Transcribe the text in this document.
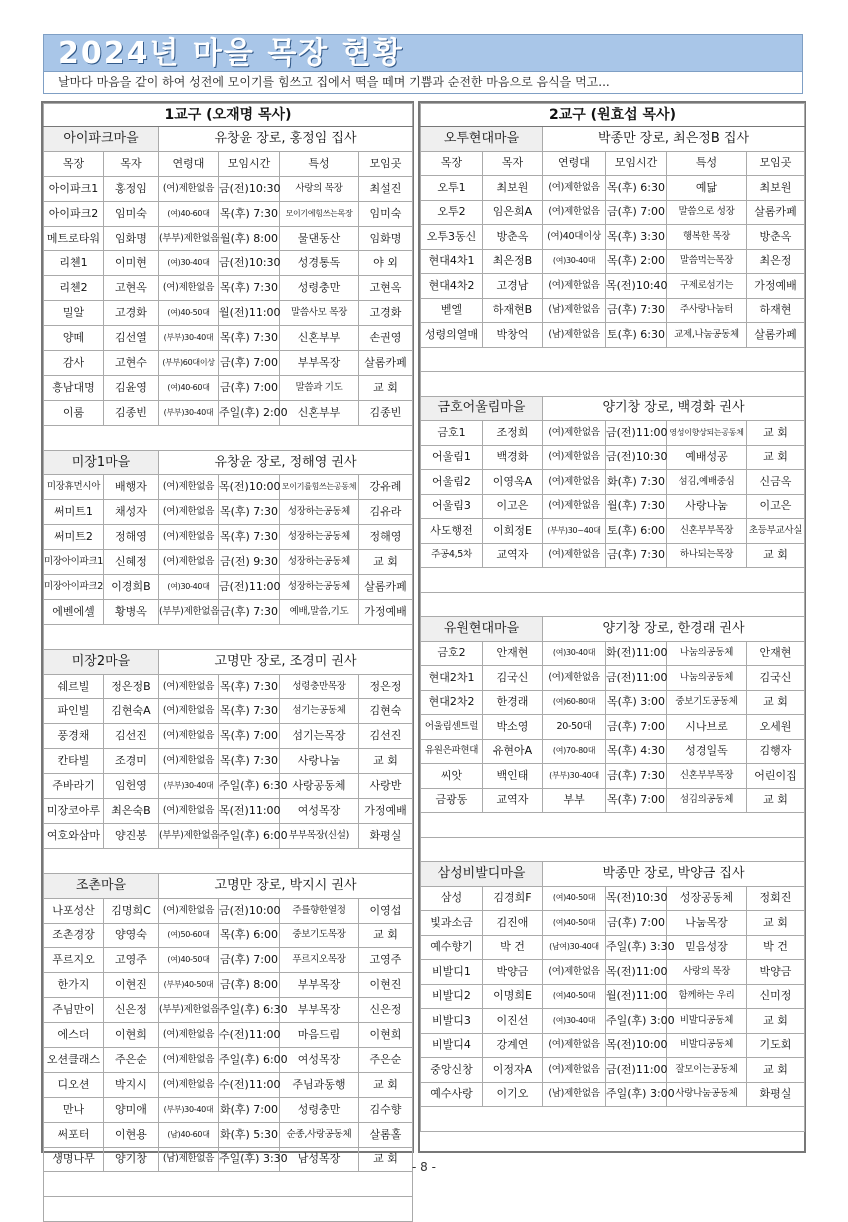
2024년 마을 목장 현황
날마다 마음을 같이 하여 성전에 모이기를 힘쓰고 집에서 떡을 떼며 기쁨과 순전한 마음으로 음식을 먹고...
1교구 (오재명 목사)					
아이파크마을		유창윤 장로, 홍정임 집사			
목장	목자	연령대	모임시간	특성	모임곳
아이파크1	홍정임	(여)제한없음	금(전)10:30	사랑의 목장	최설진
아이파크2	임미숙	(여)40-60대	목(후) 7:30	모이기에힘쓰는목장	임미숙
메트로타워	임화명	(부부)제한없음	월(후) 8:00	물댄동산	임화명
리첸1	이미현	(여)30-40대	금(전)10:30	성경통독	야 외
리첸2	고현옥	(여)제한없음	목(후) 7:30	성령충만	고현옥
밀알	고경화	(여)40-50대	월(전)11:00	말씀사모 목장	고경화
양떼	김선열	(부부)30-40대	목(후) 7:30	신혼부부	손권영
감사	고현수	(부부)60대이상	금(후) 7:00	부부목장	살롬카페
흥남대명	김윤영	(여)40-60대	금(후) 7:00	말씀과 기도	교 회
이룸	김종빈	(부부)30-40대	주일(후) 2:00	신혼부부	김종빈

미장1마을		유창윤 장로, 정해영 권사			
미장휴먼시아	배행자	(여)제한없음	목(전)10:00	모이기를힘쓰는공동체	강유례
써미트1	채성자	(여)제한없음	목(후) 7:30	성장하는공동체	김유라
써미트2	정해영	(여)제한없음	목(후) 7:30	성장하는공동체	정해영
미장아이파크1	신혜정	(여)제한없음	금(전) 9:30	성장하는공동체	교 회
미장아이파크2	이경희B	(여)30-40대	금(전)11:00	성장하는공동체	살롬카페
에벤에셀	황병옥	(부부)제한없음	금(후) 7:30	예배,말씀,기도	가정예배

미장2마을		고명만 장로, 조경미 권사			
쉐르빌	정은정B	(여)제한없음	목(후) 7:30	성령충만목장	정은정
파인빌	김현숙A	(여)제한없음	목(후) 7:30	섬기는공동체	김현숙
풍경채	김선진	(여)제한없음	목(후) 7:00	섬기는목장	김선진
칸타빌	조경미	(여)제한없음	목(후) 7:30	사랑나눔	교 회
주바라기	임헌영	(부부)30-40대	주일(후) 6:30	사랑공동체	사랑반
미장코아루	최은숙B	(여)제한없음	목(전)11:00	여성목장	가정예배
여호와삼마	양진봉	(부부)제한없음	주일(후) 6:00	부부목장(신설)	화평실

조촌마을		고명만 장로, 박지시 권사			
나포성산	김명희C	(여)제한없음	금(전)10:00	주를향한열정	이영섭
조촌경장	양영숙	(여)50-60대	목(후) 6:00	중보기도목장	교 회
푸르지오	고영주	(여)40-50대	금(후) 7:00	푸르지오목장	고영주
한가지	이현진	(부부)40-50대	금(후) 8:00	부부목장	이현진
주님만이	신은정	(부부)제한없음	주일(후) 6:30	부부목장	신은정
에스더	이현희	(여)제한없음	수(전)11:00	마음드림	이현희
오션클래스	주은순	(여)제한없음	주일(후) 6:00	여성목장	주은순
디오션	박지시	(여)제한없음	수(전)11:00	주님과동행	교 회
만나	양미애	(부부)30-40대	화(후) 7:00	성령충만	김수향
써포터	이현용	(남)40-60대	화(후) 5:30	순종,사랑공동체	살롬홀
생명나무	양기창	(남)제한없음	주일(후) 3:30	남성목장	교 회

2교구 (원효섭 목사)					
오투현대마을		박종만 장로, 최은정B 집사			
목장	목자	연령대	모임시간	특성	모임곳
오투1	최보원	(여)제한없음	목(후) 6:30	예닮	최보원
오투2	임은희A	(여)제한없음	금(후) 7:00	말씀으로 성장	살롬카페
오투3동신	방춘옥	(여)40대이상	목(후) 3:30	행복한 목장	방춘옥
현대4차1	최은정B	(여)30-40대	목(후) 2:00	말씀먹는목장	최은정
현대4차2	고경남	(여)제한없음	목(전)10:40	구제로섬기는	가정예배
벧엘	하재현B	(남)제한없음	금(후) 7:30	주사랑나눔터	하재현
성령의열매	박창억	(남)제한없음	토(후) 6:30	교제,나눔공동체	살롬카페

금호어울림마을		양기창 장로, 백경화 권사			
금호1	조정희	(여)제한없음	금(전)11:00	영성이향상되는공동체	교 회
어울림1	백경화	(여)제한없음	금(전)10:30	예배성공	교 회
어울림2	이영옥A	(여)제한없음	화(후) 7:30	섬김,예배중심	신금옥
어울림3	이고은	(여)제한없음	월(후) 7:30	사랑나눔	이고은
사도행전	이희정E	(부부)30~40대	토(후) 6:00	신혼부부목장	초등부교사실
주공4,5차	교역자	(여)제한없음	금(후) 7:30	하나되는목장	교 회

유원현대마을		양기창 장로, 한경래 권사			
금호2	안재현	(여)30-40대	화(전)11:00	나눔의공동체	안재현
현대2차1	김국신	(여)제한없음	금(전)11:00	나눔의공동체	김국신
현대2차2	한경래	(여)60-80대	목(후) 3:00	중보기도공동체	교 회
어울림센트럴	박소영	20-50대	금(후) 7:00	시나브로	오세원
유원은파현대	유현아A	(여)70-80대	목(후) 4:30	성경일독	김행자
씨앗	백인태	(부부)30-40대	금(후) 7:30	신혼부부목장	어린이집
금광동	교역자	부부	목(후) 7:00	섬김의공동체	교 회

삼성비발디마을		박종만 장로, 박양금 집사			
삼성	김경희F	(여)40-50대	목(전)10:30	성장공동체	정회진
빛과소금	김진애	(여)40-50대	금(후) 7:00	나눔목장	교 회
예수향기	박 건	(남여)30-40대	주일(후) 3:30	믿음성장	박 건
비발디1	박양금	(여)제한없음	목(전)11:00	사랑의 목장	박양금
비발디2	이명희E	(여)40-50대	월(전)11:00	함께하는 우리	신미정
비발디3	이진선	(여)30-40대	주일(후) 3:00	비발디공동체	교 회
비발디4	강계연	(여)제한없음	목(전)10:00	비발디공동체	기도회
중앙신창	이정자A	(여)제한없음	금(전)11:00	잘모이는공동체	교 회
예수사랑	이기오	(남)제한없음	주일(후) 3:00	사랑나눔공동체	화평실

- 8 -
